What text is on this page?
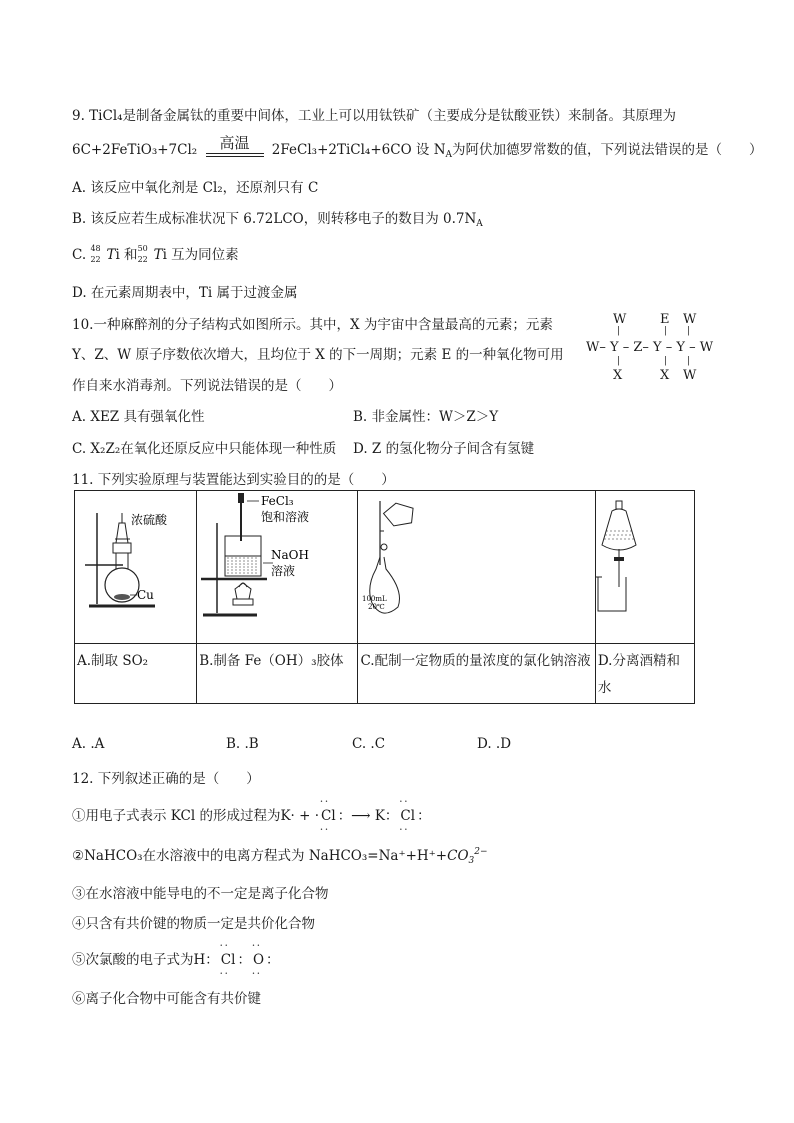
9. TiCl₄是制备金属钛的重要中间体，工业上可以用钛铁矿（主要成分是钛酸亚铁）来制备。其原理为
6C+2FeTiO₃+7Cl₂	高温	2FeCl₃+2TiCl₄+6CO 设 $N_A$为阿伏加德罗常数的值，下列说法错误的是（　　）
A. 该反应中氧化剂是 Cl₂，还原剂只有 C
B. 该反应若生成标准状况下 6.72LCO，则转移电子的数目为 $0.7N_A$
C. 48
22 Ti 和 50
22 Ti 互为同位素
D. 在元素周期表中，Ti 属于过渡金属
10.一种麻醉剂的分子结构式如图所示。其中，X 为宇宙中含量最高的元素；元素
Y、Z、W 原子序数依次增大，且均位于 X 的下一周期；元素 E 的一种氧化物可用
作自来水消毒剂。下列说法错误的是（　　）
W	E W
|	| |
W– Y – Z– Y – Y – W
|	| |
X	X W
A. XEZ 具有强氧化性	B. 非金属性：W＞Z＞Y
C. X₂Z₂在氧化还原反应中只能体现一种性质 D. Z 的氢化物分子间含有氢键
11. 下列实验原理与装置能达到实验目的的是（　　）
浓硫酸
Cu	FeCl₃
饱和溶液
NaOH
溶液	100mL
20℃

A.制取 SO₂	B.制备 Fe（OH）₃胶体	C.配制一定物质的量浓度的氯化钠溶液	D.分离酒精和水
A. .A	B. .B	C. .C	D. .D
12. 下列叙述正确的是（　　）
①用电子式表示 KCl 的形成过程为K· + · •• Cl •• ：⟶ K： •• Cl •• ：
②NaHCO₃在水溶液中的电离方程式为 $NaHCO_3=Na^++H^++CO_3^{2-}$
③在水溶液中能导电的不一定是离子化合物
④只含有共价键的物质一定是共价化合物
⑤次氯酸的电子式为H： •• Cl •• ： •• O •• ：
⑥离子化合物中可能含有共价键
